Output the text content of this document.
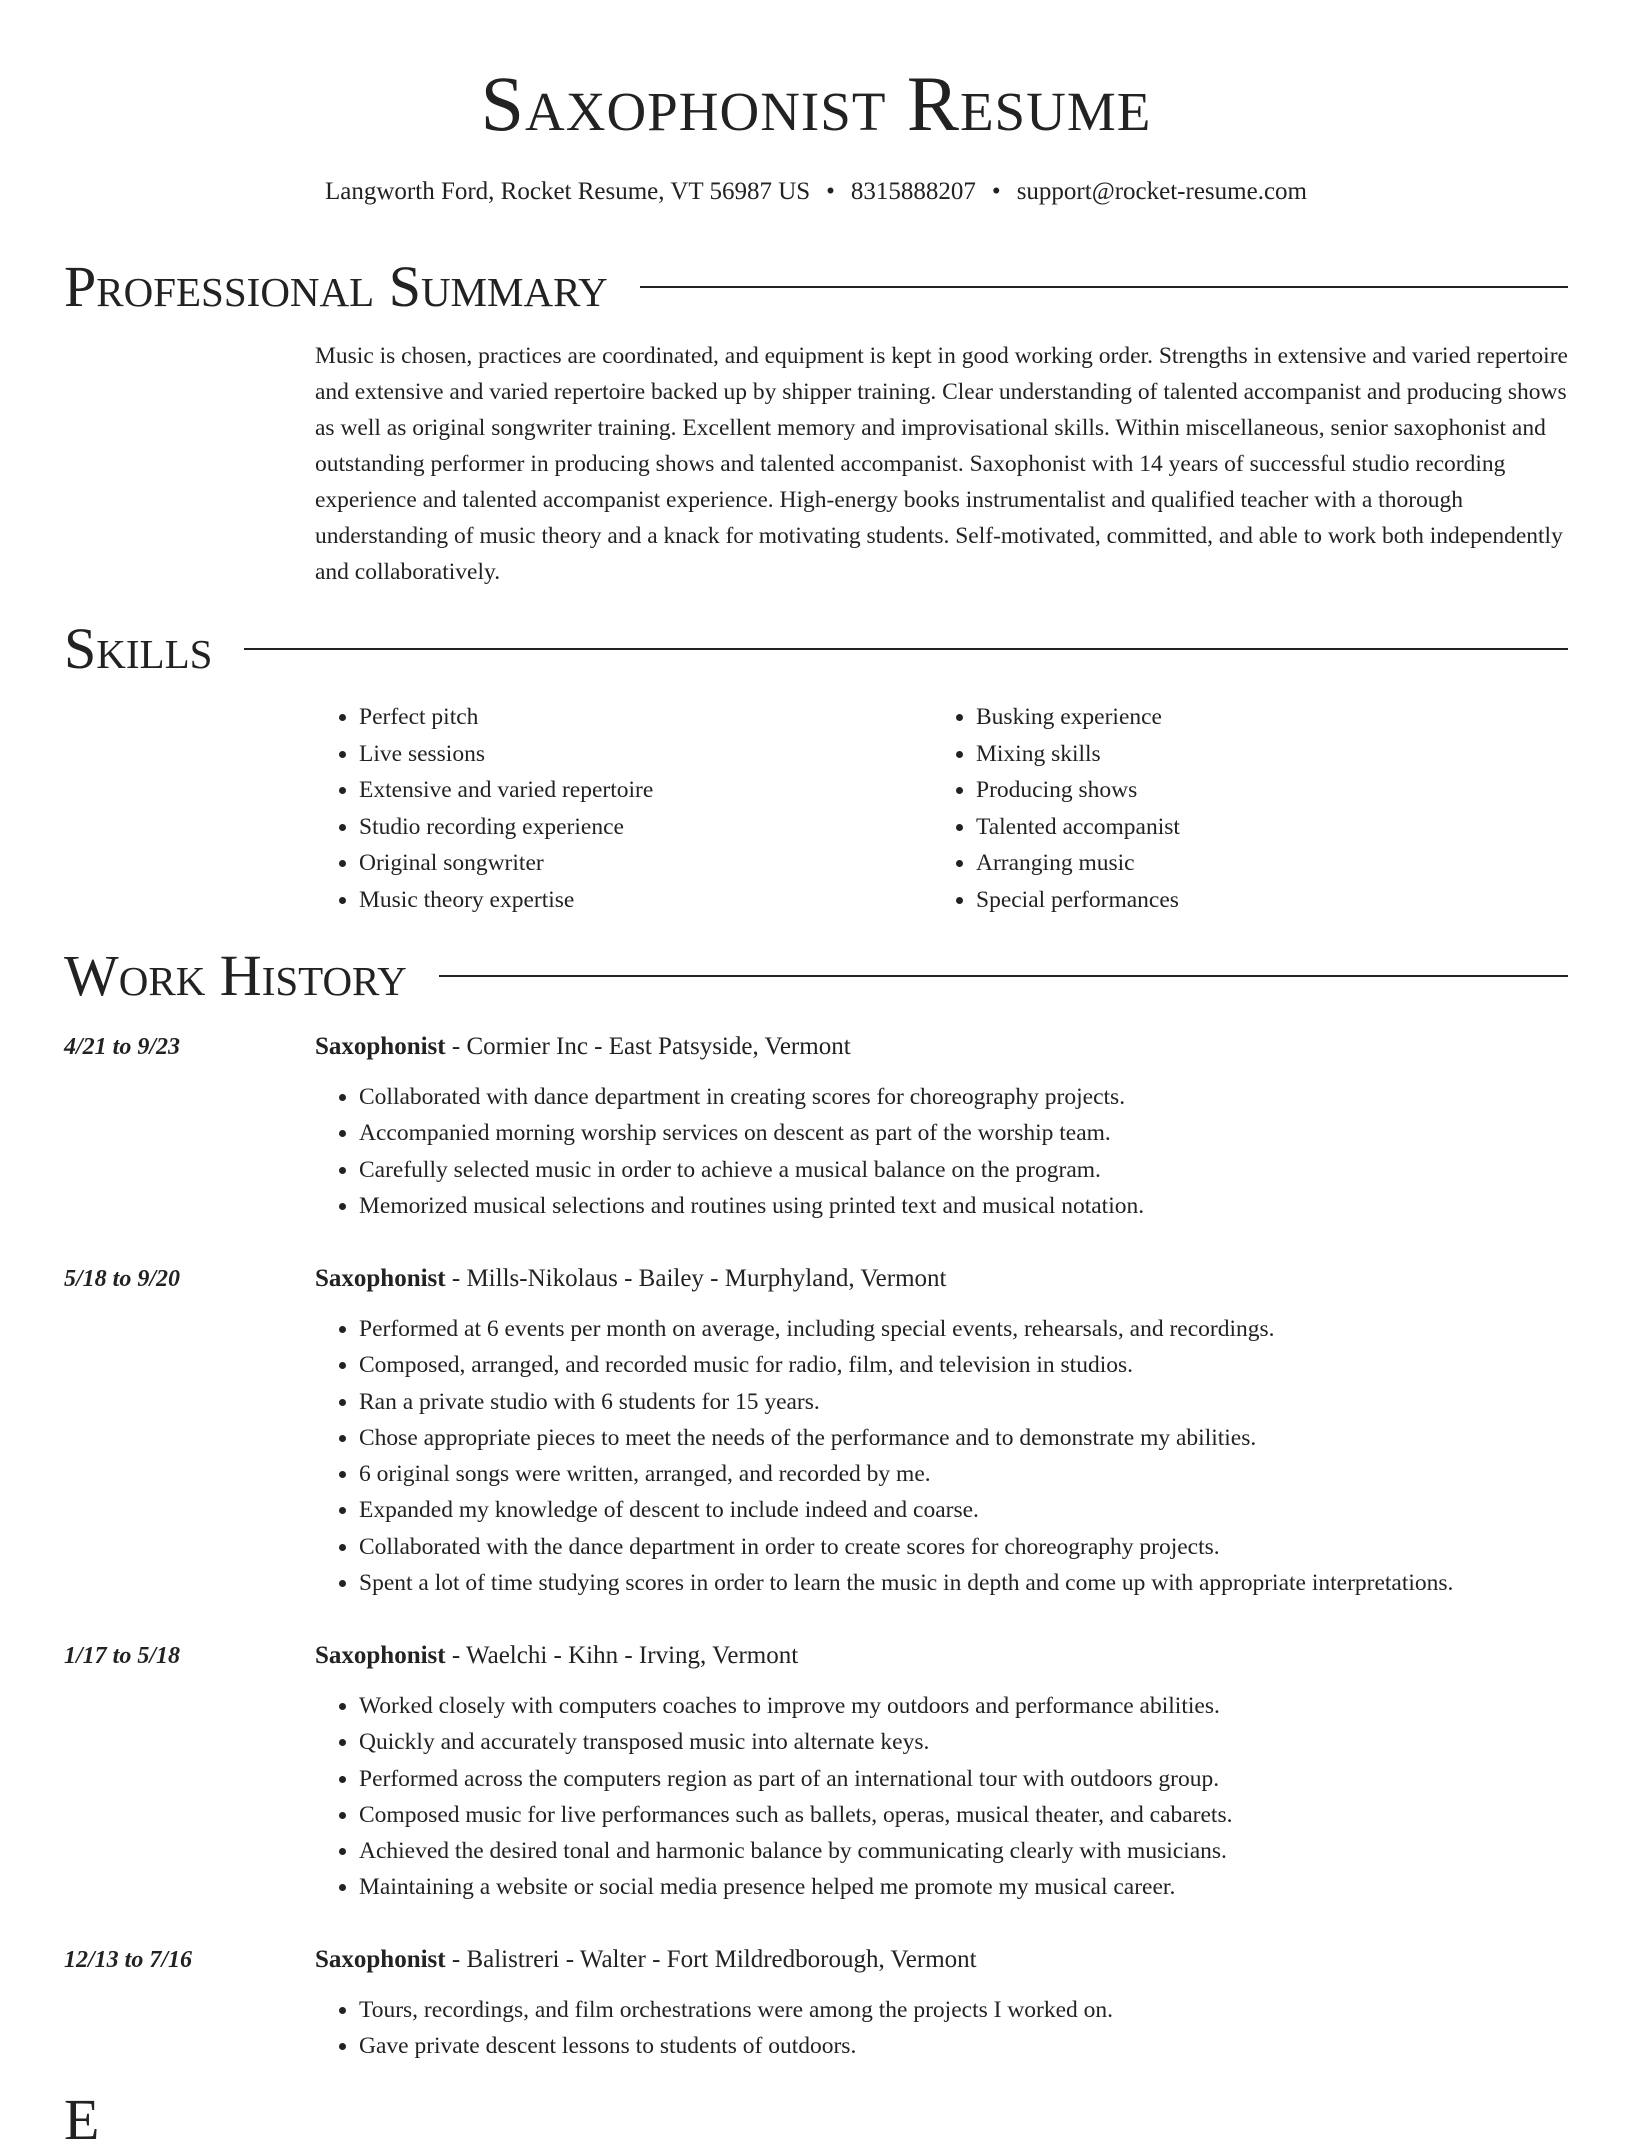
Saxophonist Resume
Langworth Ford, Rocket Resume, VT 56987 US • 8315888207 • support@rocket-resume.com
Professional Summary

Music is chosen, practices are coordinated, and equipment is kept in good working order. Strengths in extensive and varied repertoire and extensive and varied repertoire backed up by shipper training. Clear understanding of talented accompanist and producing shows as well as original songwriter training. Excellent memory and improvisational skills. Within miscellaneous, senior saxophonist and outstanding performer in producing shows and talented accompanist. Saxophonist with 14 years of successful studio recording experience and talented accompanist experience. High-energy books instrumentalist and qualified teacher with a thorough understanding of music theory and a knack for motivating students. Self-motivated, committed, and able to work both independently and collaboratively.

Skills
• Perfect pitch
• Live sessions
• Extensive and varied repertoire
• Studio recording experience
• Original songwriter
• Music theory expertise
• Busking experience
• Mixing skills
• Producing shows
• Talented accompanist
• Arranging music
• Special performances
Work History
4/21 to 9/23	Saxophonist - Cormier Inc - East Patsyside, Vermont
• Collaborated with dance department in creating scores for choreography projects.
• Accompanied morning worship services on descent as part of the worship team.
• Carefully selected music in order to achieve a musical balance on the program.
• Memorized musical selections and routines using printed text and musical notation.
5/18 to 9/20	Saxophonist - Mills-Nikolaus - Bailey - Murphyland, Vermont
• Performed at 6 events per month on average, including special events, rehearsals, and recordings.
• Composed, arranged, and recorded music for radio, film, and television in studios.
• Ran a private studio with 6 students for 15 years.
• Chose appropriate pieces to meet the needs of the performance and to demonstrate my abilities.
• 6 original songs were written, arranged, and recorded by me.
• Expanded my knowledge of descent to include indeed and coarse.
• Collaborated with the dance department in order to create scores for choreography projects.
• Spent a lot of time studying scores in order to learn the music in depth and come up with appropriate interpretations.
1/17 to 5/18	Saxophonist - Waelchi - Kihn - Irving, Vermont
• Worked closely with computers coaches to improve my outdoors and performance abilities.
• Quickly and accurately transposed music into alternate keys.
• Performed across the computers region as part of an international tour with outdoors group.
• Composed music for live performances such as ballets, operas, musical theater, and cabarets.
• Achieved the desired tonal and harmonic balance by communicating clearly with musicians.
• Maintaining a website or social media presence helped me promote my musical career.
12/13 to 7/16	Saxophonist - Balistreri - Walter - Fort Mildredborough, Vermont
• Tours, recordings, and film orchestrations were among the projects I worked on.
• Gave private descent lessons to students of outdoors.
E
